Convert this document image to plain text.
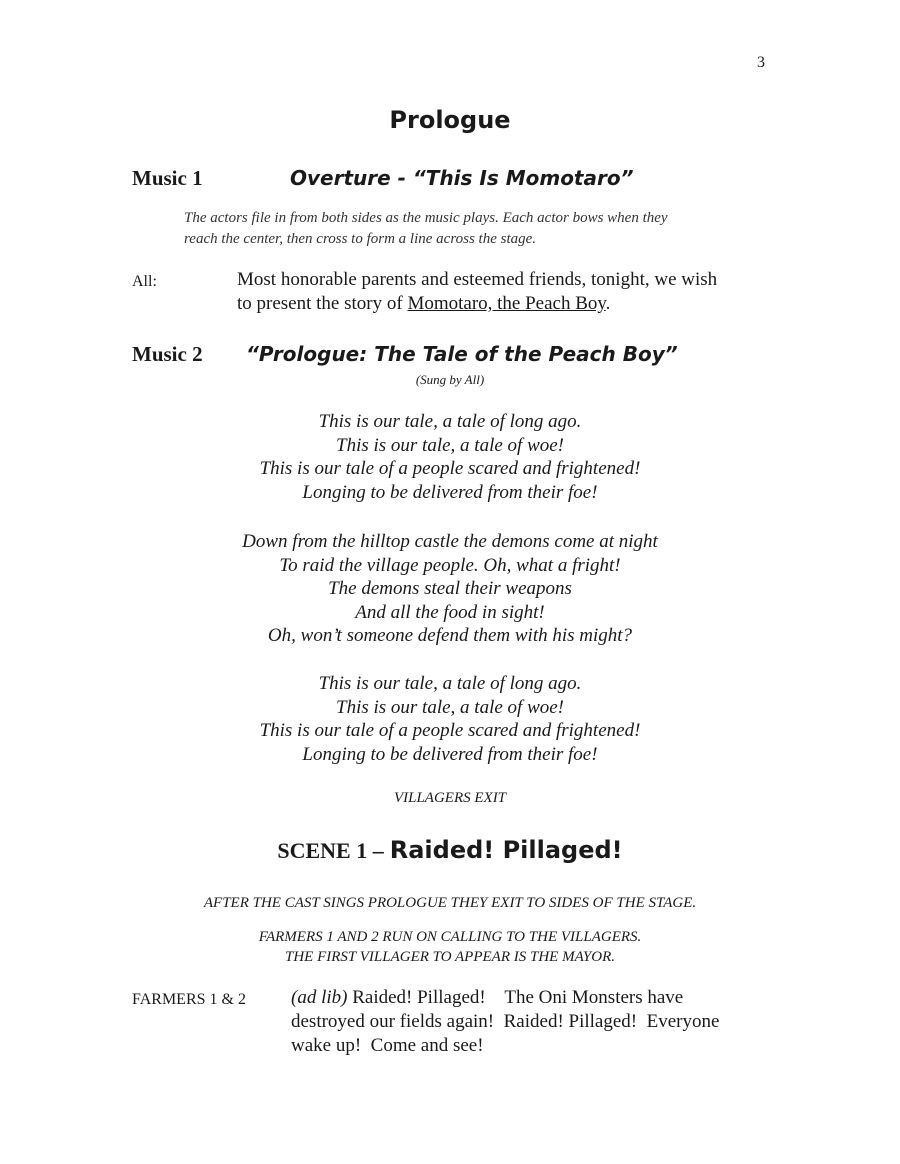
3
Prologue
Music 1	Overture - “This Is Momotaro”
The actors file in from both sides as the music plays. Each actor bows when they
reach the center, then cross to form a line across the stage.
All:	Most honorable parents and esteemed friends, tonight, we wish
to present the story of Momotaro, the Peach Boy.
Music 2 “Prologue: The Tale of the Peach Boy”
(Sung by All)
This is our tale, a tale of long ago.
This is our tale, a tale of woe!
This is our tale of a people scared and frightened!
Longing to be delivered from their foe!
Down from the hilltop castle the demons come at night
To raid the village people. Oh, what a fright!
The demons steal their weapons
And all the food in sight!
Oh, won’t someone defend them with his might?
This is our tale, a tale of long ago.
This is our tale, a tale of woe!
This is our tale of a people scared and frightened!
Longing to be delivered from their foe!
VILLAGERS EXIT
SCENE 1 – Raided! Pillaged!
AFTER THE CAST SINGS PROLOGUE THEY EXIT TO SIDES OF THE STAGE.
FARMERS 1 AND 2 RUN ON CALLING TO THE VILLAGERS.
THE FIRST VILLAGER TO APPEAR IS THE MAYOR.
FARMERS 1 & 2 (ad lib) Raided! Pillaged!    The Oni Monsters have
destroyed our fields again!  Raided! Pillaged!  Everyone
wake up!  Come and see!
